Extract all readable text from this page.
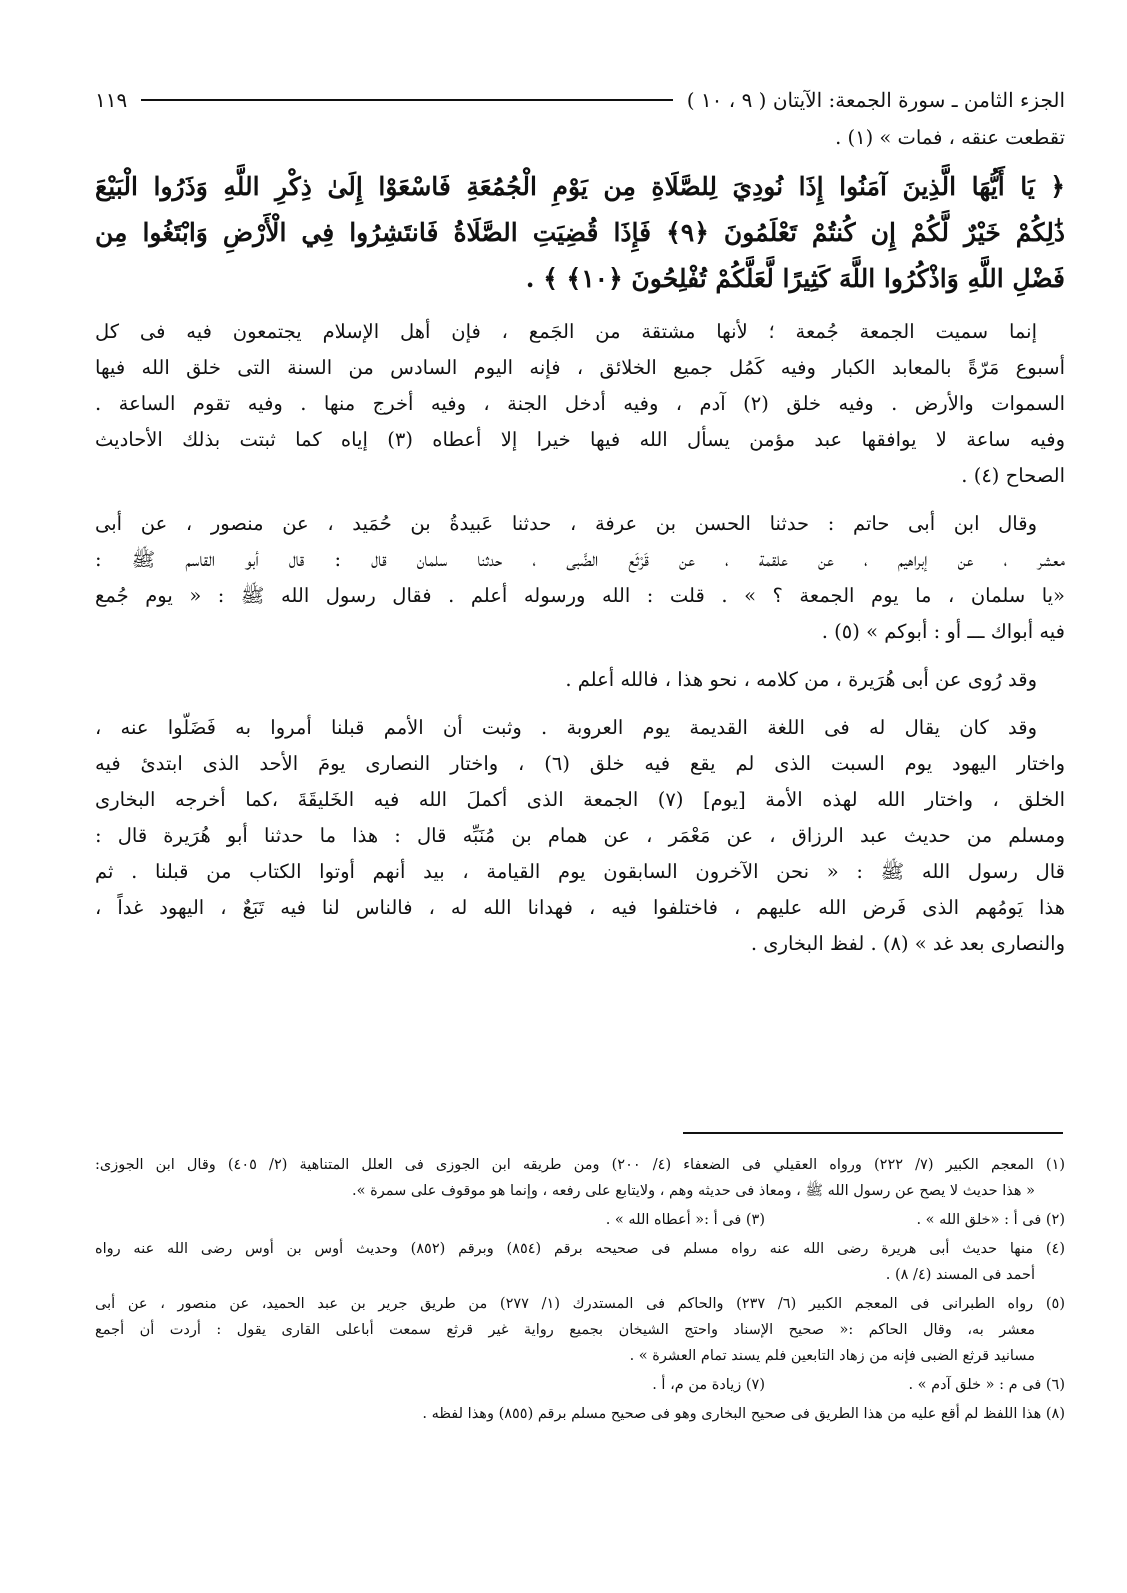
الجزء الثامن ـ سورة الجمعة: الآيتان ( ٩ ، ١٠ )
١١٩
تقطعت عنقه ، فمات » (١) .
﴿ يَا أَيُّهَا الَّذِينَ آمَنُوا إِذَا نُودِيَ لِلصَّلَاةِ مِن يَوْمِ الْجُمُعَةِ فَاسْعَوْا إِلَىٰ ذِكْرِ اللَّهِ وَذَرُوا الْبَيْعَ
ذَٰلِكُمْ خَيْرٌ لَّكُمْ إِن كُنتُمْ تَعْلَمُونَ ﴿٩﴾ فَإِذَا قُضِيَتِ الصَّلَاةُ فَانتَشِرُوا فِي الْأَرْضِ وَابْتَغُوا مِن
فَضْلِ اللَّهِ وَاذْكُرُوا اللَّهَ كَثِيرًا لَّعَلَّكُمْ تُفْلِحُونَ ﴿١٠﴾ ﴾ .
إنما سميت الجمعة جُمعة ؛ لأنها مشتقة من الجَمع ، فإن أهل الإسلام يجتمعون فيه فى كل
أسبوع مَرّةً بالمعابد الكبار وفيه كَمُل جميع الخلائق ، فإنه اليوم السادس من السنة التى خلق الله فيها
السموات والأرض . وفيه خلق (٢) آدم ، وفيه أدخل الجنة ، وفيه أخرج منها . وفيه تقوم الساعة .
وفيه ساعة لا يوافقها عبد مؤمن يسأل الله فيها خيرا إلا أعطاه (٣) إياه كما ثبتت بذلك الأحاديث
الصحاح (٤) .
وقال ابن أبى حاتم : حدثنا الحسن بن عرفة ، حدثنا عَبيدةُ بن حُمَيد ، عن منصور ، عن أبى
معشر ، عن إبراهيم ، عن علقمة ، عن قَرْثَع الضَّبى ، حدثنا سلمان قال : قال أبو القاسم ﷺ :
«يا سلمان ، ما يوم الجمعة ؟ » . قلت : الله ورسوله أعلم . فقال رسول الله ﷺ : « يوم جُمع
فيه أبواك ـــ أو : أبوكم » (٥) .
وقد رُوى عن أبى هُرَيرة ، من كلامه ، نحو هذا ، فالله أعلم .
وقد كان يقال له فى اللغة القديمة يوم العروبة . وثبت أن الأمم قبلنا أمروا به فَضَلّوا عنه ،
واختار اليهود يوم السبت الذى لم يقع فيه خلق (٦) ، واختار النصارى يومَ الأحد الذى ابتدئ فيه
الخلق ، واختار الله لهذه الأمة [يوم] (٧) الجمعة الذى أكملَ الله فيه الخَليقَةَ ،كما أخرجه البخارى
ومسلم من حديث عبد الرزاق ، عن مَعْمَر ، عن همام بن مُنَبِّه قال : هذا ما حدثنا أبو هُرَيرة قال :
قال رسول الله ﷺ : « نحن الآخرون السابقون يوم القيامة ، بيد أنهم أوتوا الكتاب من قبلنا . ثم
هذا يَومُهم الذى فَرض الله عليهم ، فاختلفوا فيه ، فهدانا الله له ، فالناس لنا فيه تَبَعٌ ، اليهود غداً ،
والنصارى بعد غد » (٨) . لفظ البخارى .
(١) المعجم الكبير (٧/ ٢٢٢) ورواه العقيلي فى الضعفاء (٤/ ٢٠٠) ومن طريقه ابن الجوزى فى العلل المتناهية (٢/ ٤٠٥) وقال ابن الجوزى:
« هذا حديث لا يصح عن رسول الله ﷺ ، ومعاذ فى حديثه وهم ، ولايتابع على رفعه ، وإنما هو موقوف على سمرة ».
(٢) فى أ : «خلق الله » .
(٣) فى أ :« أعطاه الله » .
(٤) منها حديث أبى هريرة رضى الله عنه رواه مسلم فى صحيحه برقم (٨٥٤) وبرقم (٨٥٢) وحديث أوس بن أوس رضى الله عنه رواه
أحمد فى المسند (٤/ ٨) .
(٥) رواه الطبرانى فى المعجم الكبير (٦/ ٢٣٧) والحاكم فى المستدرك (١/ ٢٧٧) من طريق جرير بن عبد الحميد، عن منصور ، عن أبى
معشر به، وقال الحاكم :« صحيح الإسناد واحتج الشيخان بجميع رواية غير قرثع سمعت أباعلى القارى يقول : أردت أن أجمع
مسانيد قرثع الضبى فإنه من زهاد التابعين فلم يسند تمام العشرة » .
(٦) فى م : « خلق آدم » .
(٧) زيادة من م، أ .
(٨) هذا اللفظ لم أقع عليه من هذا الطريق فى صحيح البخارى وهو فى صحيح مسلم برقم (٨٥٥) وهذا لفظه .
